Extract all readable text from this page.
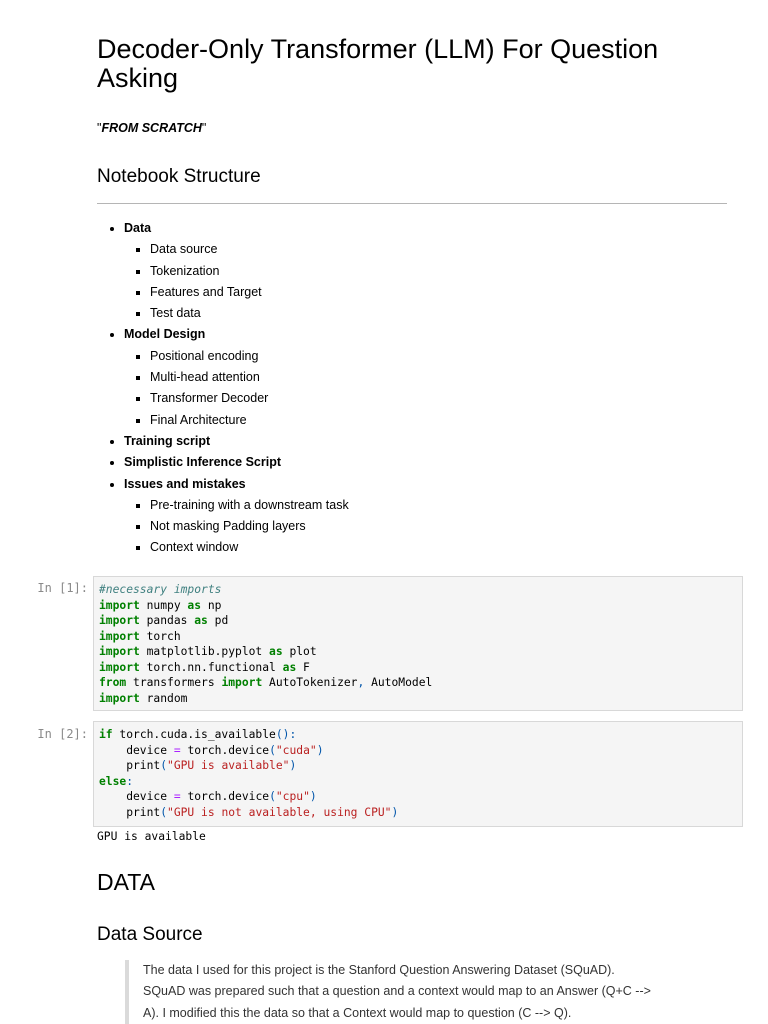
Decoder-Only Transformer (LLM) For Question Asking

"FROM SCRATCH"

Notebook Structure
• Data
▪ Data source
▪ Tokenization
▪ Features and Target
▪ Test data
• Model Design
▪ Positional encoding
▪ Multi-head attention
▪ Transformer Decoder
▪ Final Architecture
• Training script
• Simplistic Inference Script
• Issues and mistakes
▪ Pre-training with a downstream task
▪ Not masking Padding layers
▪ Context window
In [1]: #necessary imports
import numpy as np
import pandas as pd
import torch
import matplotlib.pyplot as plot
import torch.nn.functional as F
from transformers import AutoTokenizer, AutoModel
import random
In [2]: if torch.cuda.is_available():
device = torch.device("cuda")
print("GPU is available")
else:
device = torch.device("cpu")
print("GPU is not available, using CPU")
GPU is available
DATA
Data Source

The data I used for this project is the Stanford Question Answering Dataset (SQuAD).

SQuAD was prepared such that a question and a context would map to an Answer (Q+C -->

A). I modified this the data so that a Context would map to question (C --> Q).
